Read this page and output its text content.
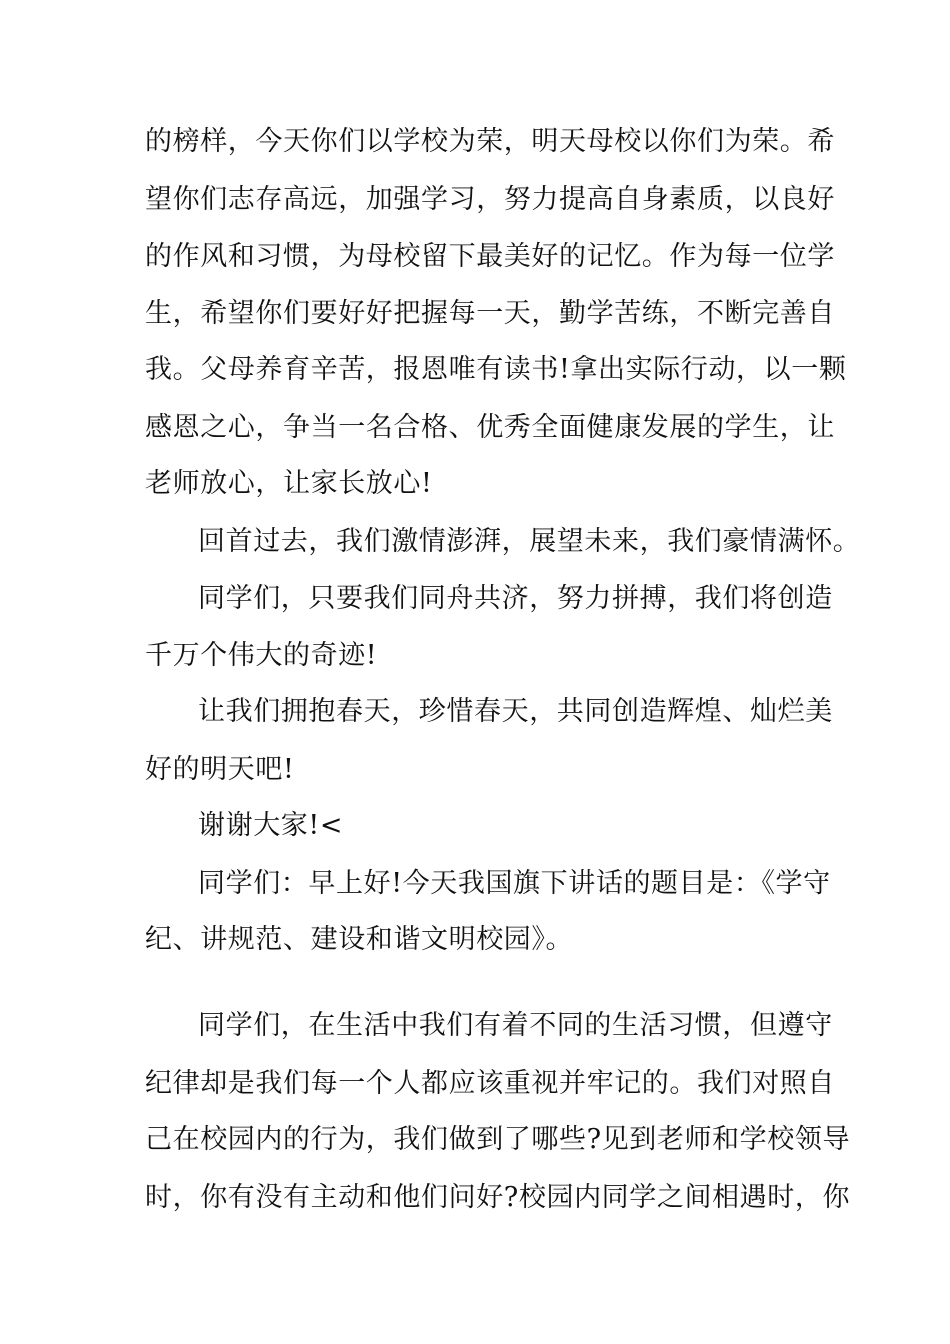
的榜样，今天你们以学校为荣，明天母校以你们为荣。希
望你们志存高远，加强学习，努力提高自身素质，以良好
的作风和习惯，为母校留下最美好的记忆。作为每一位学
生，希望你们要好好把握每一天，勤学苦练，不断完善自
我。父母养育辛苦，报恩唯有读书!拿出实际行动，以一颗
感恩之心，争当一名合格、优秀全面健康发展的学生，让
老师放心，让家长放心!
回首过去，我们激情澎湃，展望未来，我们豪情满怀。
同学们，只要我们同舟共济，努力拼搏，我们将创造
千万个伟大的奇迹!
让我们拥抱春天，珍惜春天，共同创造辉煌、灿烂美
好的明天吧!
谢谢大家!<
同学们：早上好!今天我国旗下讲话的题目是：《学守
纪、讲规范、建设和谐文明校园》。
同学们，在生活中我们有着不同的生活习惯，但遵守
纪律却是我们每一个人都应该重视并牢记的。我们对照自
己在校园内的行为，我们做到了哪些?见到老师和学校领导
时，你有没有主动和他们问好?校园内同学之间相遇时，你
